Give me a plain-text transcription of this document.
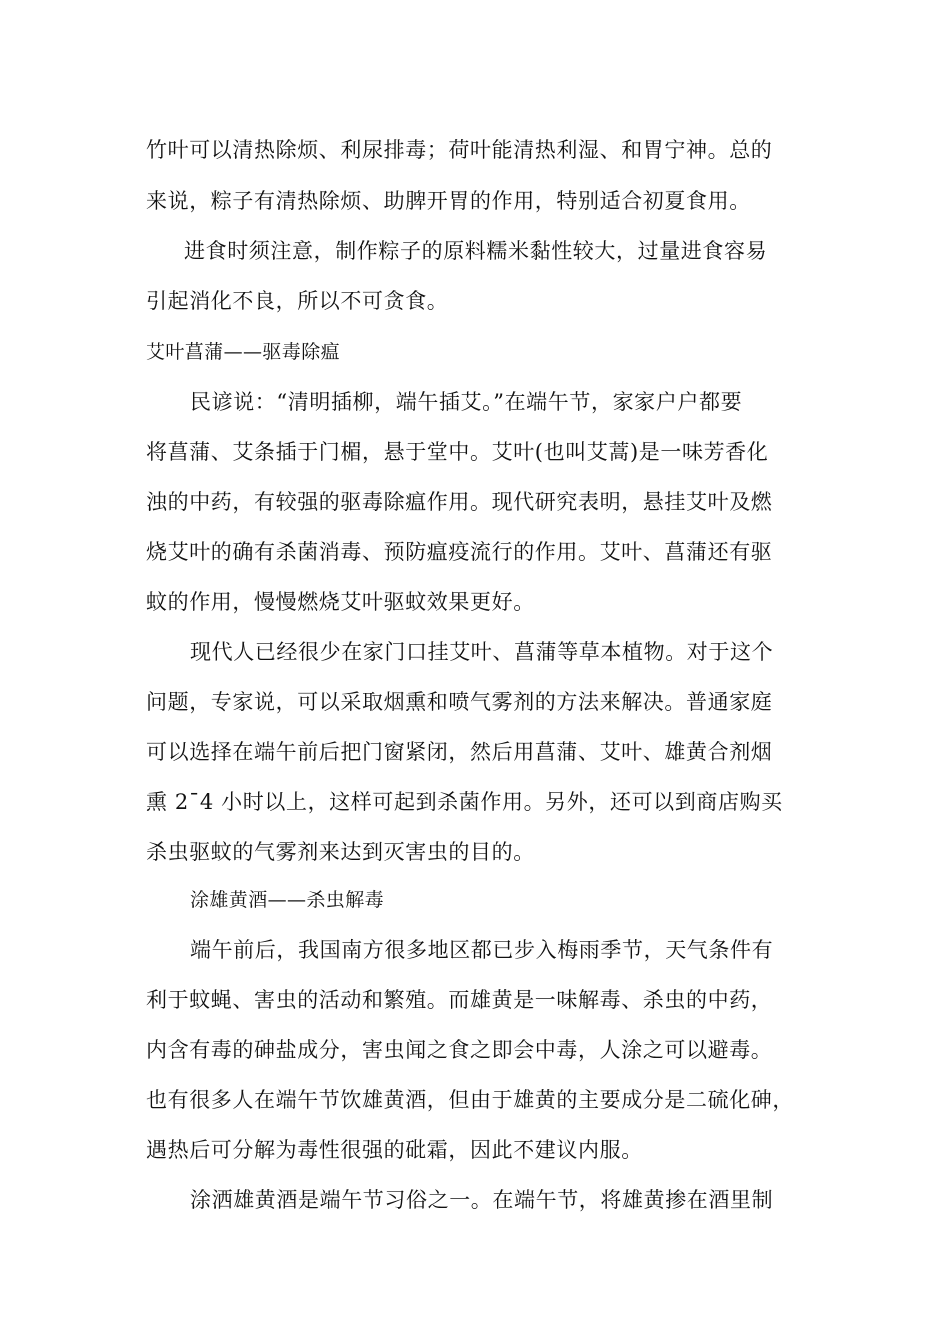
竹叶可以清热除烦、利尿排毒；荷叶能清热利湿、和胃宁神。总的
来说，粽子有清热除烦、助脾开胃的作用，特别适合初夏食用。
进食时须注意，制作粽子的原料糯米黏性较大，过量进食容易
引起消化不良，所以不可贪食。
艾叶菖蒲——驱毒除瘟
民谚说：“清明插柳，端午插艾。”在端午节，家家户户都要
将菖蒲、艾条插于门楣，悬于堂中。艾叶(也叫艾蒿)是一味芳香化
浊的中药，有较强的驱毒除瘟作用。现代研究表明，悬挂艾叶及燃
烧艾叶的确有杀菌消毒、预防瘟疫流行的作用。艾叶、菖蒲还有驱
蚊的作用，慢慢燃烧艾叶驱蚊效果更好。
现代人已经很少在家门口挂艾叶、菖蒲等草本植物。对于这个
问题，专家说，可以采取烟熏和喷气雾剂的方法来解决。普通家庭
可以选择在端午前后把门窗紧闭，然后用菖蒲、艾叶、雄黄合剂烟
熏 2¯4 小时以上，这样可起到杀菌作用。另外，还可以到商店购买
杀虫驱蚊的气雾剂来达到灭害虫的目的。
涂雄黄酒——杀虫解毒
端午前后，我国南方很多地区都已步入梅雨季节，天气条件有
利于蚊蝇、害虫的活动和繁殖。而雄黄是一味解毒、杀虫的中药，
内含有毒的砷盐成分，害虫闻之食之即会中毒，人涂之可以避毒。
也有很多人在端午节饮雄黄酒，但由于雄黄的主要成分是二硫化砷，
遇热后可分解为毒性很强的砒霜，因此不建议内服。
涂洒雄黄酒是端午节习俗之一。在端午节，将雄黄掺在酒里制
